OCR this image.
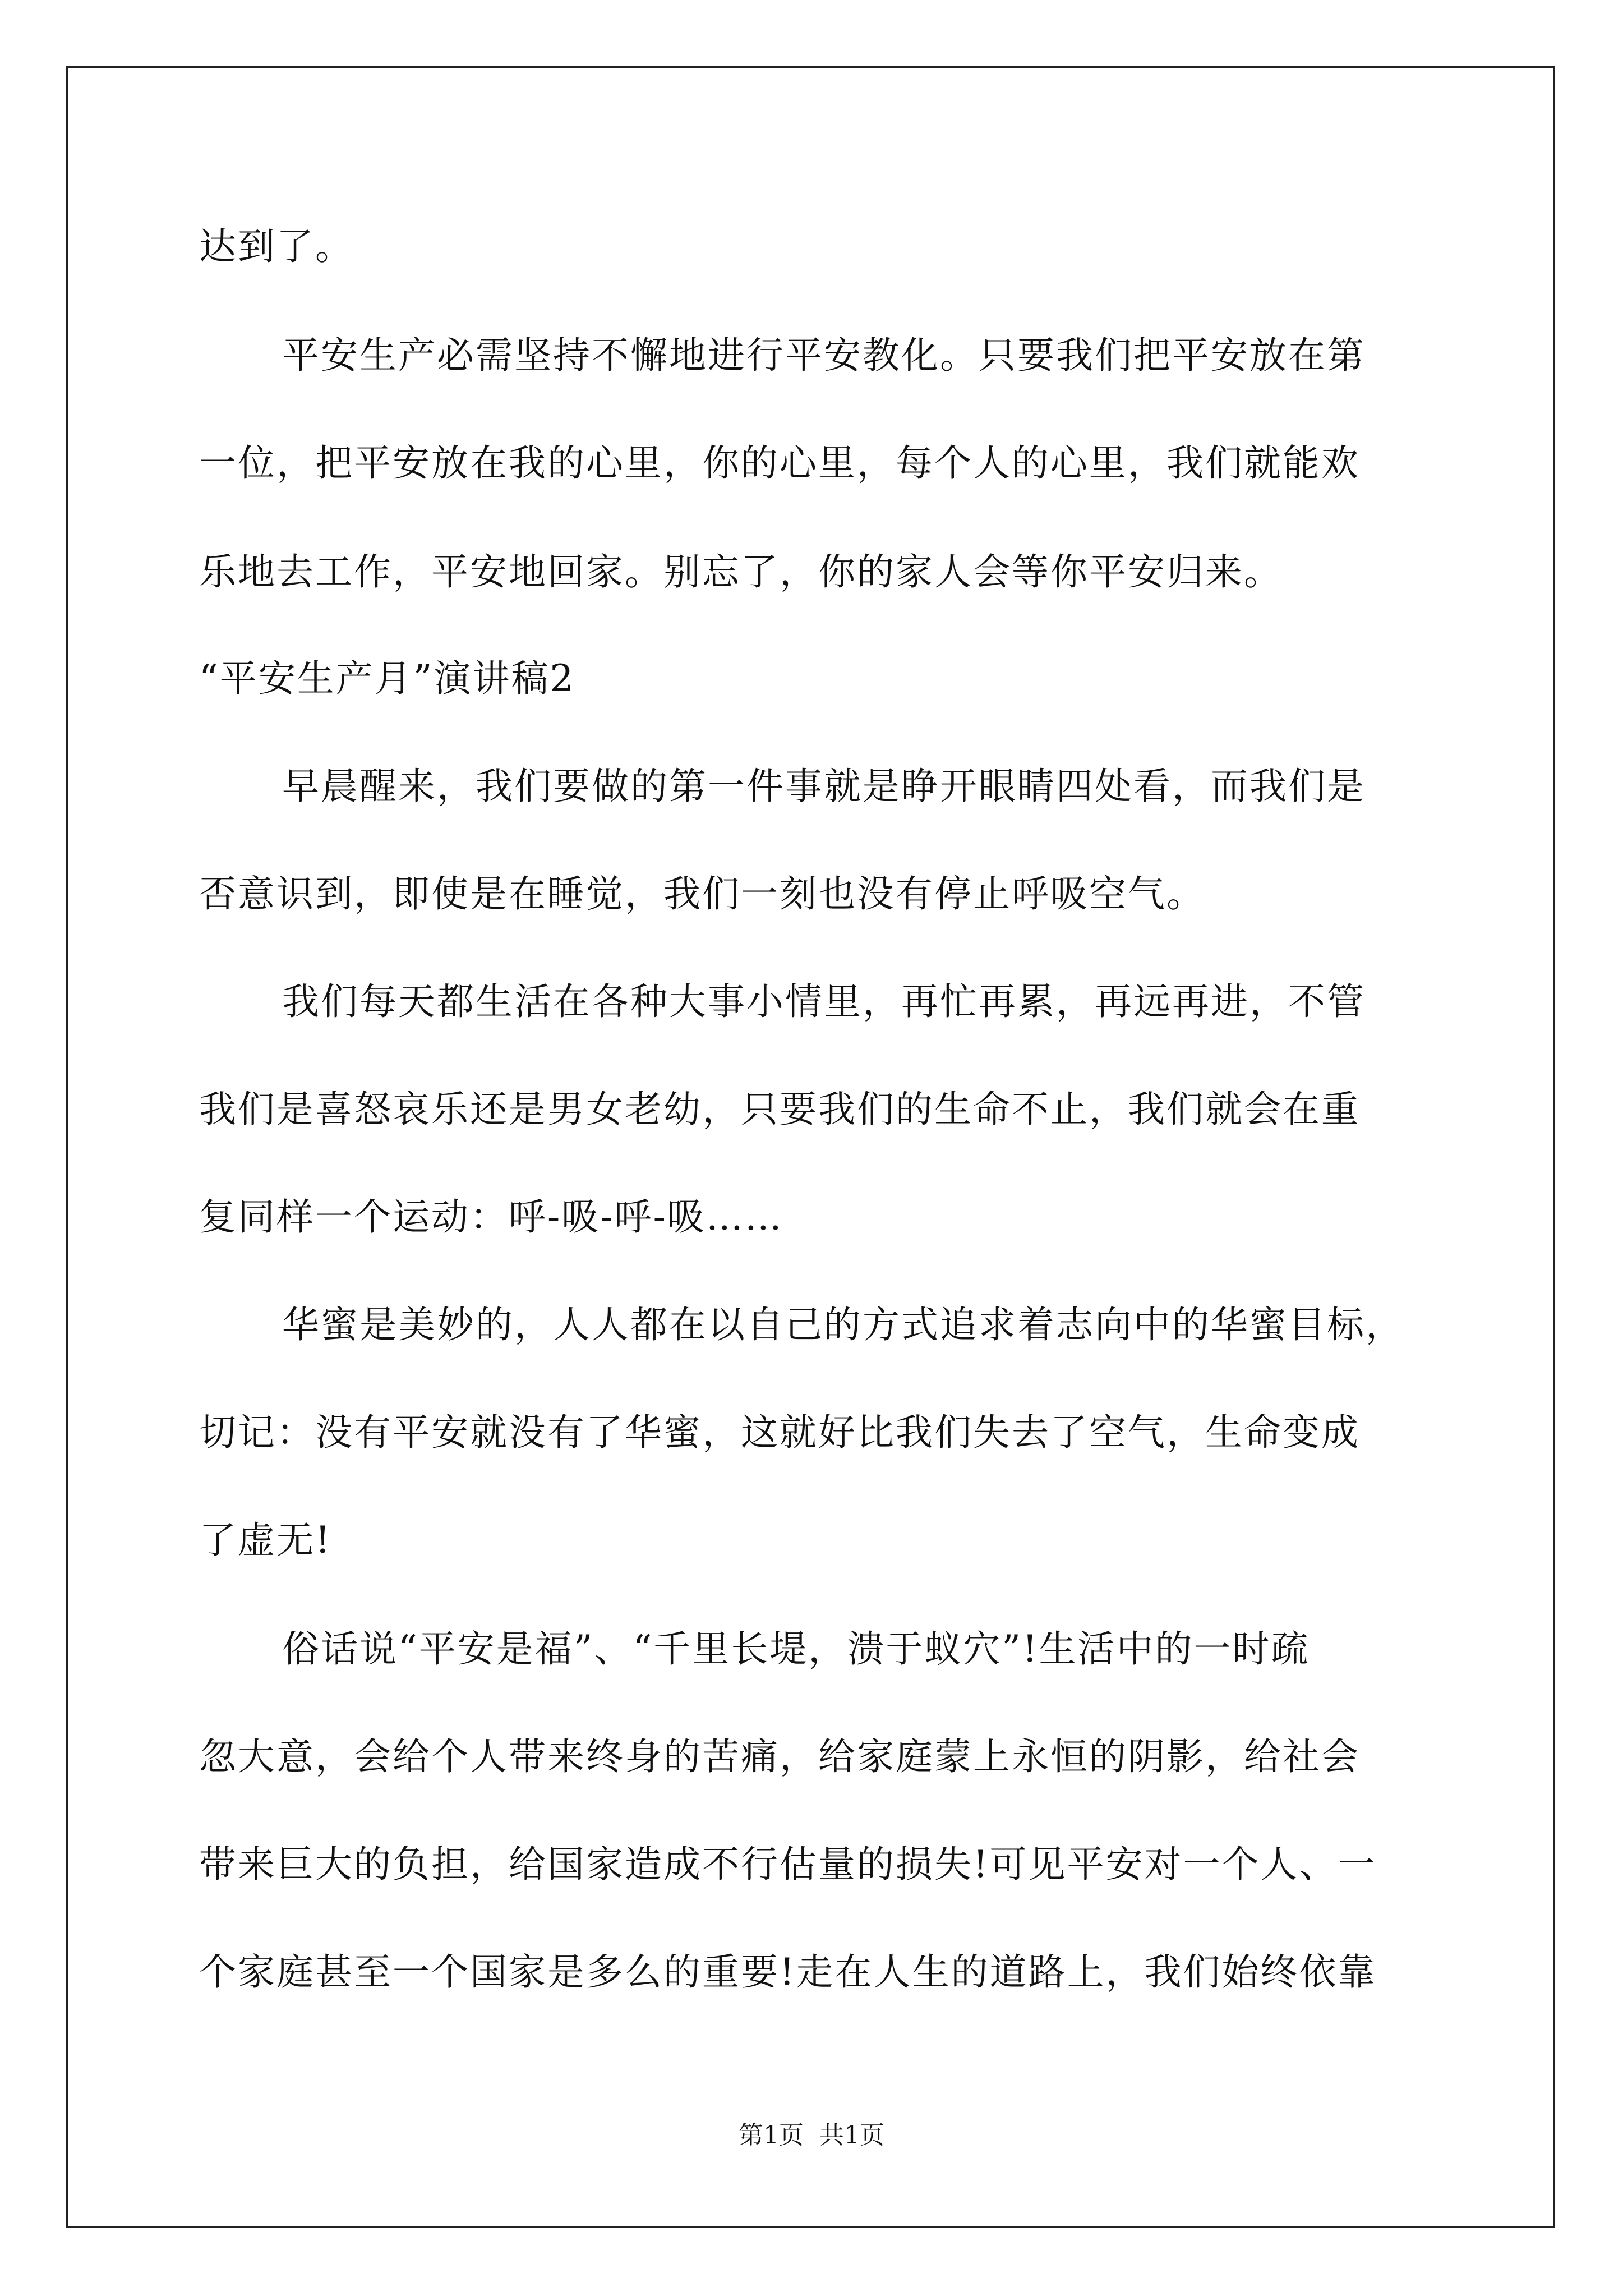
达到了。
平安生产必需坚持不懈地进行平安教化。只要我们把平安放在第
一位，把平安放在我的心里，你的心里，每个人的心里，我们就能欢
乐地去工作，平安地回家。别忘了，你的家人会等你平安归来。
“平安生产月”演讲稿2
早晨醒来，我们要做的第一件事就是睁开眼睛四处看，而我们是
否意识到，即使是在睡觉，我们一刻也没有停止呼吸空气。
我们每天都生活在各种大事小情里，再忙再累，再远再进，不管
我们是喜怒哀乐还是男女老幼，只要我们的生命不止，我们就会在重
复同样一个运动：呼-吸-呼-吸……
华蜜是美妙的，人人都在以自己的方式追求着志向中的华蜜目标，
切记：没有平安就没有了华蜜，这就好比我们失去了空气，生命变成
了虚无!
俗话说“平安是福”、“千里长堤，溃于蚁穴”!生活中的一时疏
忽大意，会给个人带来终身的苦痛，给家庭蒙上永恒的阴影，给社会
带来巨大的负担，给国家造成不行估量的损失!可见平安对一个人、一
个家庭甚至一个国家是多么的重要!走在人生的道路上，我们始终依靠
第1页 共1页
